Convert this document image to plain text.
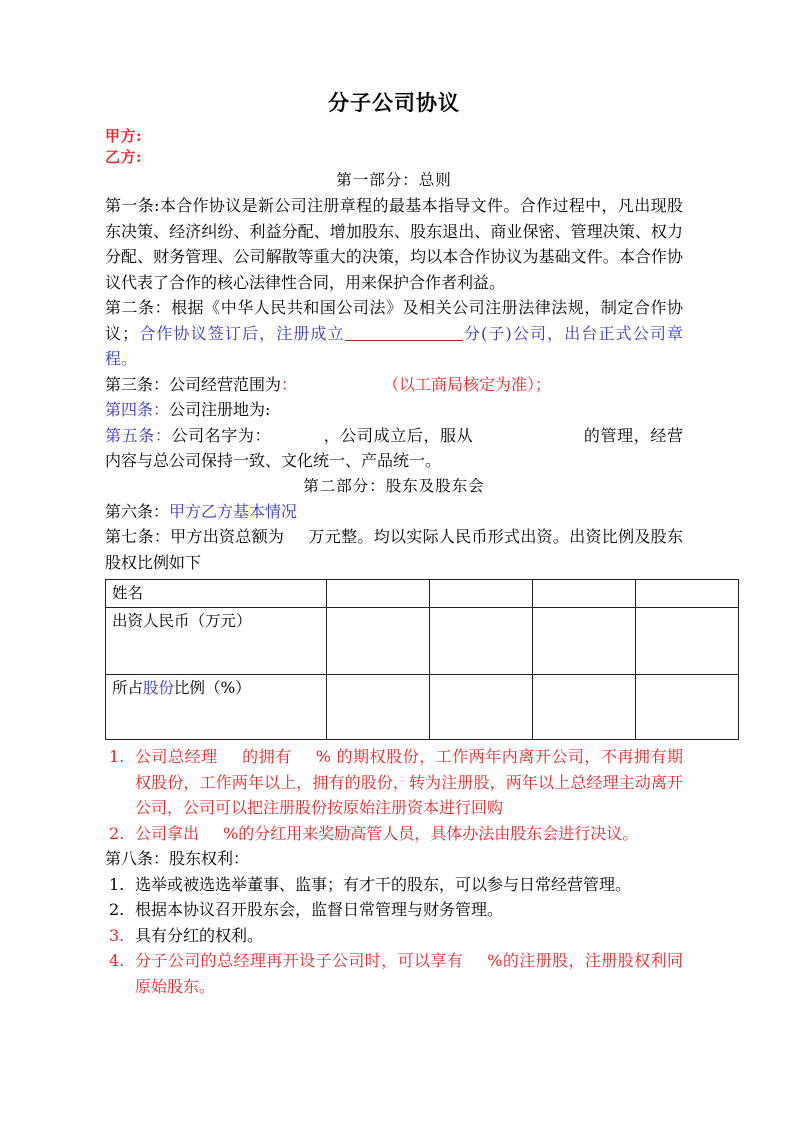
分子公司协议
甲方:
乙方:
第一部分：总则
第一条:本合作协议是新公司注册章程的最基本指导文件。合作过程中，凡出现股东决策、经济纠纷、利益分配、增加股东、股东退出、商业保密、管理决策、权力分配、财务管理、公司解散等重大的决策，均以本合作协议为基础文件。本合作协议代表了合作的核心法律性合同，用来保护合作者利益。
第二条：根据《中华人民共和国公司法》及相关公司注册法律法规，制定合作协议；合作协议签订后，注册成立	分(子)公司，出台正式公司章程。
第三条：公司经营范围为：	（以工商局核定为准）；
第四条：公司注册地为:
第五条：公司名字为：	，公司成立后，服从	的管理，经营内容与总公司保持一致、文化统一、产品统一。
第二部分：股东及股东会
第六条：甲方乙方基本情况
第七条：甲方出资总额为 万元整。均以实际人民币形式出资。出资比例及股东股权比例如下
姓名				
出资人民币（万元）				
所占股份比例（%）				
1. 公司总经理 的拥有 % 的期权股份，工作两年内离开公司，不再拥有期权股份，工作两年以上，拥有的股份，转为注册股，两年以上总经理主动离开公司，公司可以把注册股份按原始注册资本进行回购
2. 公司拿出 %的分红用来奖励高管人员，具体办法由股东会进行决议。
第八条：股东权利：
1. 选举或被选选举董事、监事；有才干的股东，可以参与日常经营管理。
2. 根据本协议召开股东会，监督日常管理与财务管理。
3. 具有分红的权利。
4. 分子公司的总经理再开设子公司时，可以享有 %的注册股，注册股权利同原始股东。
